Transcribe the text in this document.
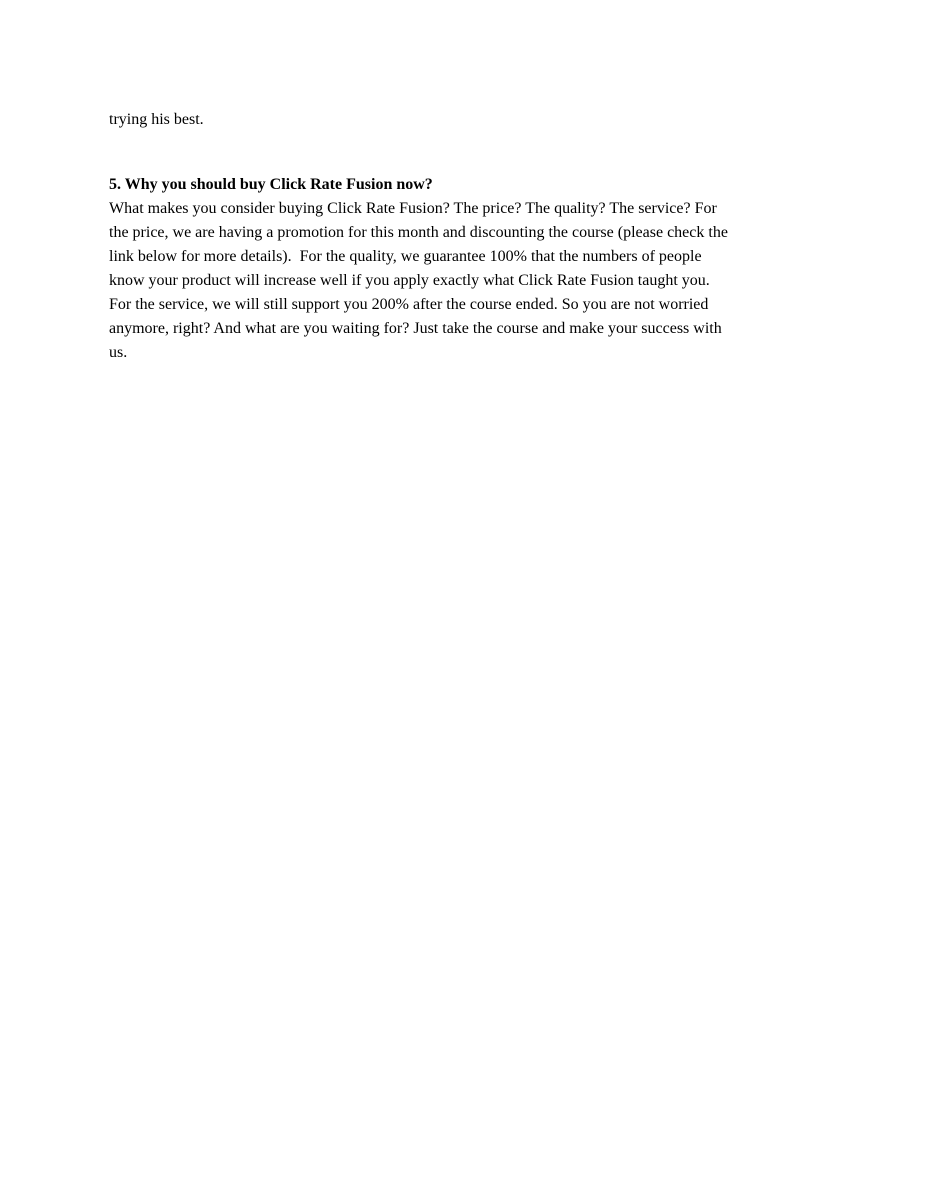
trying his best.
5. Why you should buy Click Rate Fusion now?
What makes you consider buying Click Rate Fusion? The price? The quality? The service? For
the price, we are having a promotion for this month and discounting the course (please check the
link below for more details).  For the quality, we guarantee 100% that the numbers of people
know your product will increase well if you apply exactly what Click Rate Fusion taught you.
For the service, we will still support you 200% after the course ended. So you are not worried
anymore, right? And what are you waiting for? Just take the course and make your success with
us.
